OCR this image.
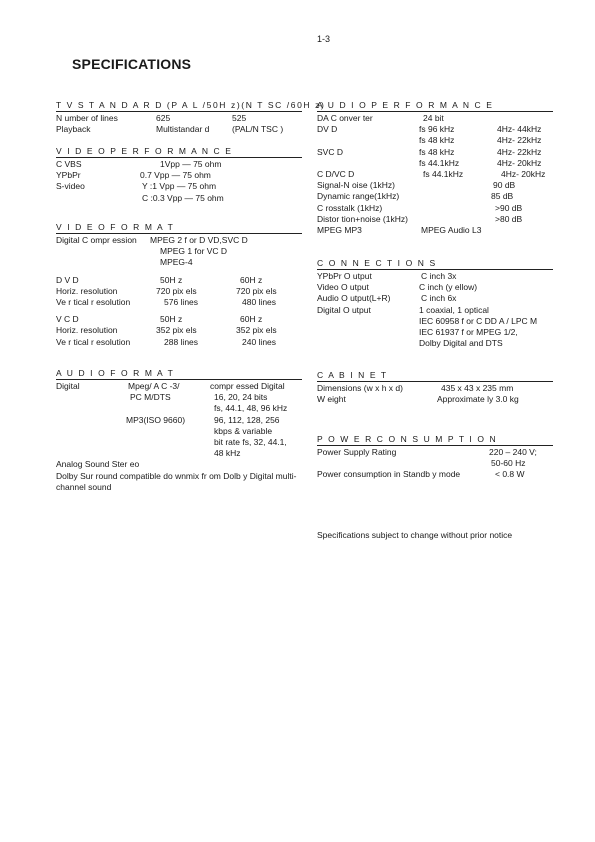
1-3
SPECIFICATIONS
T V S T A N D A R D (P A L /50H z)(N T SC /60H z)
N umber of lines	625	525
Playback	Multistandar d	(PAL/N TSC )
V I D E O P E R F O R M A N C E
C VBS	1Vpp — 75 ohm
YPbPr	0.7 Vpp — 75 ohm
S-video	Y :1 Vpp — 75 ohm
C :0.3 Vpp — 75 ohm
V I D E O F O R M A T
Digital C ompr ession MPEG 2 f or D VD,SVC D
MPEG 1 for VC D
MPEG-4
D V D	50H z	60H z
Horiz. resolution	720 pix els	720 pix els
Ve r tical r esolution	576 lines	480 lines
V C D	50H z	60H z
Horiz. resolution	352 pix els	352 pix els
Ve r tical r esolution	288 lines	240 lines
A U D I O F O R M A T
Digital	Mpeg/ A C -3/	compr essed Digital
PC M/DTS	16, 20, 24 bits
fs, 44.1, 48, 96 kHz
MP3(ISO 9660)	96, 112, 128, 256
kbps & variable
bit rate fs, 32, 44.1,
48 kHz
Analog Sound Ster eo
Dolby Sur round compatible do wnmix fr om Dolb y Digital multi-channel sound
A U D I O P E R F O R M A N C E
DA C onver ter	24 bit
DV D	fs 96 kHz	4Hz- 44kHz
fs 48 kHz	4Hz- 22kHz
SVC D	fs 48 kHz	4Hz- 22kHz
fs 44.1kHz	4Hz- 20kHz
C D/VC D	fs 44.1kHz	4Hz- 20kHz
Signal-N oise (1kHz)	90 dB
Dynamic range(1kHz)	85 dB
C rosstalk (1kHz)	>90 dB
Distor tion+noise (1kHz)	>80 dB
MPEG MP3	MPEG Audio L3
C O N N E C T I O N S
YPbPr O utput	C inch 3x
Video O utput	C inch (y ellow)
Audio O utput(L+R)	C inch 6x
Digital O utput	1 coaxial, 1 optical
IEC 60958 f or C DD A / LPC M
IEC 61937 f or MPEG 1/2,
Dolby Digital and DTS
C A B I N E T
Dimensions (w x h x d)	435 x 43 x 235 mm
W eight	Approximate ly 3.0 kg
P O W E R C O N S U M P T I O N
Power Supply Rating	220 – 240 V;
50-60 Hz
Power consumption in Standb y mode	< 0.8 W
Specifications subject to change without prior notice
